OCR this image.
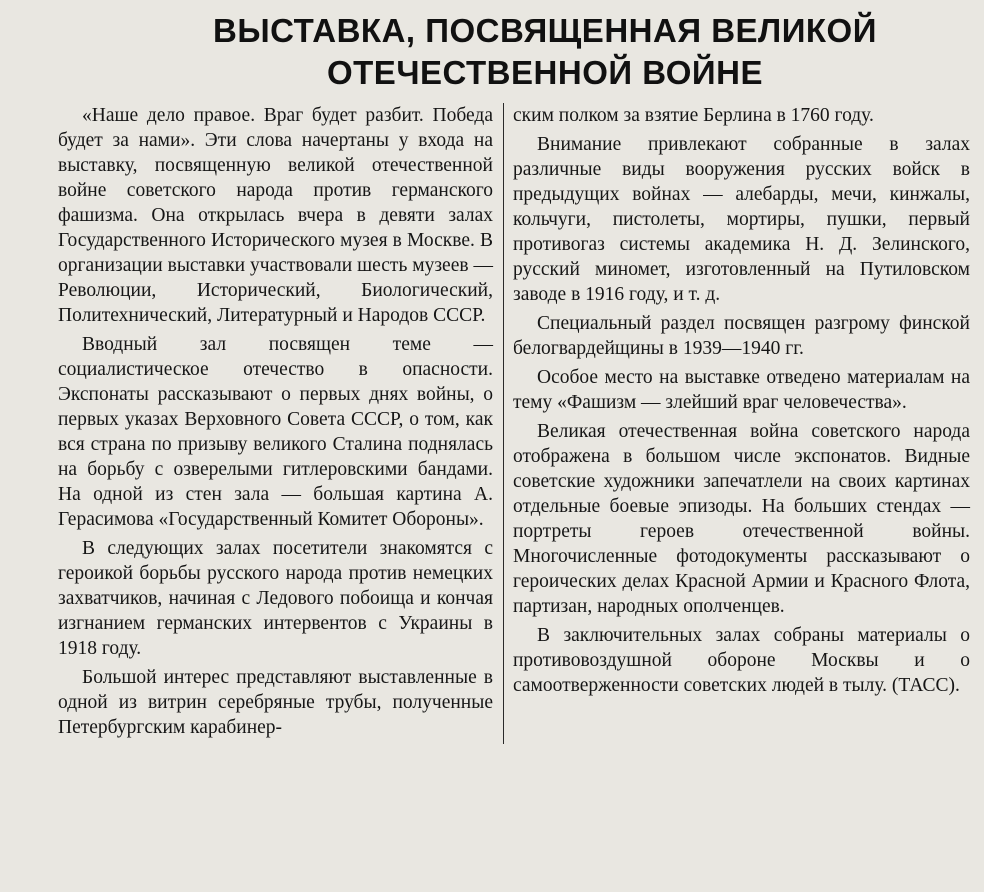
ВЫСТАВКА, ПОСВЯЩЕННАЯ ВЕЛИКОЙ
ОТЕЧЕСТВЕННОЙ ВОЙНЕ

«Наше дело правое. Враг будет разбит. Победа будет за нами». Эти слова начертаны у входа на выставку, посвященную великой отечественной войне советского народа против германского фашизма. Она открылась вчера в девяти залах Государственного Исторического музея в Москве. В организации выставки участвовали шесть музеев — Революции, Исторический, Биологический, Политехнический, Литературный и Народов СССР.

Вводный зал посвящен теме — социалистическое отечество в опасности. Экспонаты рассказывают о первых днях войны, о первых указах Верховного Совета СССР, о том, как вся страна по призыву великого Сталина поднялась на борьбу с озверелыми гитлеровскими бандами. На одной из стен зала — большая картина А. Герасимова «Государственный Комитет Обороны».

В следующих залах посетители знакомятся с героикой борьбы русского народа против немецких захватчиков, начиная с Ледового побоища и кончая изгнанием германских интервентов с Украины в 1918 году.

Большой интерес представляют выставленные в одной из витрин серебряные трубы, полученные Петербургским карабинер-

ским полком за взятие Берлина в 1760 году.

Внимание привлекают собранные в залах различные виды вооружения русских войск в предыдущих войнах — алебарды, мечи, кинжалы, кольчуги, пистолеты, мортиры, пушки, первый противогаз системы академика Н. Д. Зелинского, русский миномет, изготовленный на Путиловском заводе в 1916 году, и т. д.

Специальный раздел посвящен разгрому финской белогвардейщины в 1939—1940 гг.

Особое место на выставке отведено материалам на тему «Фашизм — злейший враг человечества».

Великая отечественная война советского народа отображена в большом числе экспонатов. Видные советские художники запечатлели на своих картинах отдельные боевые эпизоды. На больших стендах — портреты героев отечественной войны. Многочисленные фотодокументы рассказывают о героических делах Красной Армии и Красного Флота, партизан, народных ополченцев.

В заключительных залах собраны материалы о противовоздушной обороне Москвы и о самоотверженности советских людей в тылу. (ТАСС).
